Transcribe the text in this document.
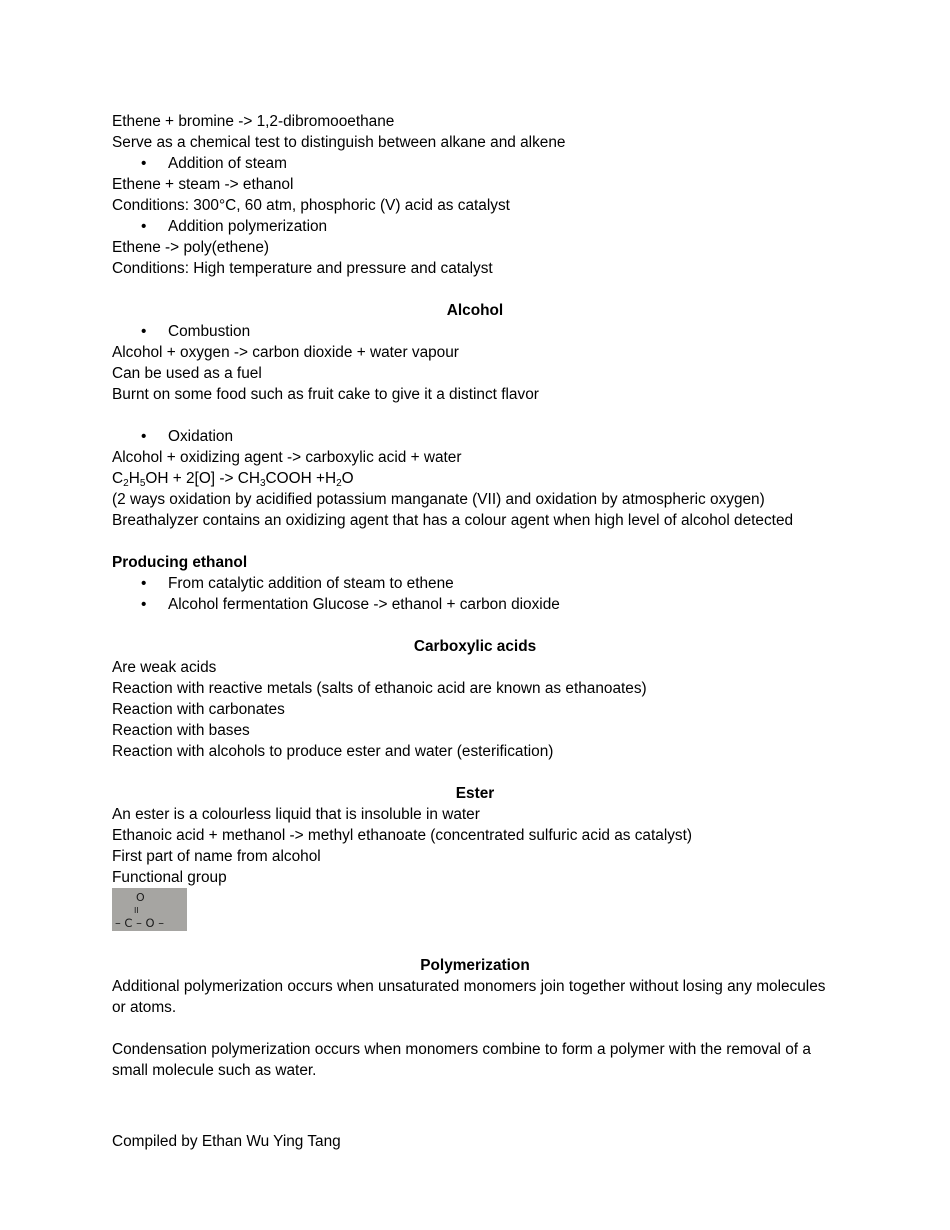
Ethene + bromine -> 1,2-dibromooethane
Serve as a chemical test to distinguish between alkane and alkene
• Addition of steam
Ethene + steam -> ethanol
Conditions: 300°C, 60 atm, phosphoric (V) acid as catalyst
• Addition polymerization
Ethene -> poly(ethene)
Conditions: High temperature and pressure and catalyst
Alcohol
• Combustion
Alcohol + oxygen -> carbon dioxide + water vapour
Can be used as a fuel
Burnt on some food such as fruit cake to give it a distinct flavor
• Oxidation
Alcohol + oxidizing agent -> carboxylic acid + water
$C_2H_5OH + 2[O]$ -> $CH_3COOH +H_2O$
(2 ways oxidation by acidified potassium manganate (VII) and oxidation by atmospheric oxygen)
Breathalyzer contains an oxidizing agent that has a colour agent when high level of alcohol detected
Producing ethanol
• From catalytic addition of steam to ethene
• Alcohol fermentation Glucose -> ethanol + carbon dioxide
Carboxylic acids
Are weak acids
Reaction with reactive metals (salts of ethanoic acid are known as ethanoates)
Reaction with carbonates
Reaction with bases
Reaction with alcohols to produce ester and water (esterification)
Ester
An ester is a colourless liquid that is insoluble in water
Ethanoic acid + methanol -> methyl ethanoate (concentrated sulfuric acid as catalyst)
First part of name from alcohol
Functional group
O
II
– C – O –
Polymerization
Additional polymerization occurs when unsaturated monomers join together without losing any molecules or atoms.
Condensation polymerization occurs when monomers combine to form a polymer with the removal of a small molecule such as water.
Compiled by Ethan Wu Ying Tang
